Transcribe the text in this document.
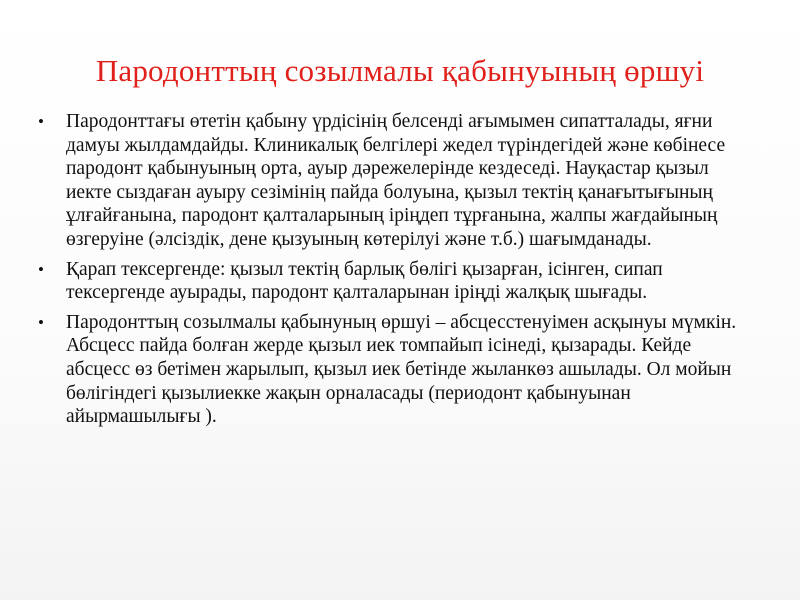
Пародонттың созылмалы қабынуының өршуі
• Пародонттағы өтетін қабыну үрдісінің белсенді ағымымен сипатталады, яғни дамуы жылдамдайды. Клиникалық белгілері жедел түріндегідей және көбінесе пародонт қабынуының орта, ауыр дәрежелерінде кездеседі. Науқастар қызыл иекте сыздаған ауыру сезімінің пайда болуына, қызыл тектің қанағытығының ұлғайғанына, пародонт қалталарының іріңдеп тұрғанына, жалпы жағдайының өзгеруіне (әлсіздік, дене қызуының көтерілуі және т.б.) шағымданады.
• Қарап тексергенде: қызыл тектің барлық бөлігі қызарған, ісінген, сипап тексергенде ауырады, пародонт қалталарынан іріңді жалқық шығады.
• Пародонттың созылмалы қабынуның өршуі – абсцесстенуімен асқынуы мүмкін. Абсцесс пайда болған жерде қызыл иек томпайып ісінеді, қызарады. Кейде абсцесс өз бетімен жарылып, қызыл иек бетінде жыланкөз ашылады. Ол мойын бөлігіндегі қызылиекке жақын орналасады (периодонт қабынуынан айырмашылығы ).
